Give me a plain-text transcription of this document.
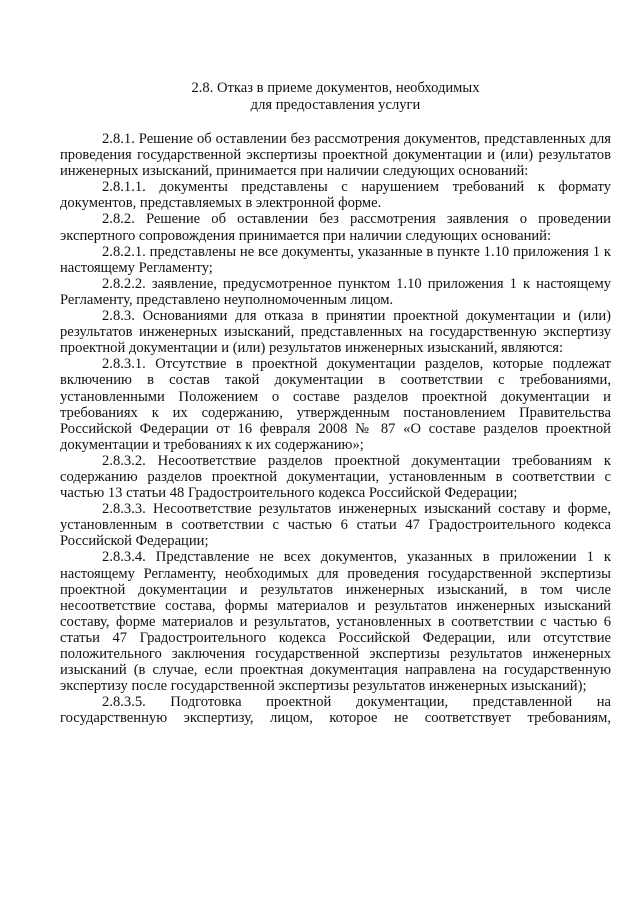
2.8. Отказ в приеме документов, необходимых
для предоставления услуги

2.8.1. Решение об оставлении без рассмотрения документов, представленных для проведения государственной экспертизы проектной документации и (или) результатов инженерных изысканий, принимается при наличии следующих оснований:

2.8.1.1. документы представлены с нарушением требований к формату документов, представляемых в электронной форме.

2.8.2. Решение об оставлении без рассмотрения заявления о проведении экспертного сопровождения принимается при наличии следующих оснований:

2.8.2.1. представлены не все документы, указанные в пункте 1.10 приложения 1 к настоящему Регламенту;

2.8.2.2. заявление, предусмотренное пунктом 1.10 приложения 1 к настоящему Регламенту, представлено неуполномоченным лицом.

2.8.3. Основаниями для отказа в принятии проектной документации и (или) результатов инженерных изысканий, представленных на государственную экспертизу проектной документации и (или) результатов инженерных изысканий, являются:

2.8.3.1. Отсутствие в проектной документации разделов, которые подлежат включению в состав такой документации в соответствии с требованиями, установленными Положением о составе разделов проектной документации и требованиях к их содержанию, утвержденным постановлением Правительства Российской Федерации от 16 февраля 2008 № 87 «О составе разделов проектной документации и требованиях к их содержанию»;

2.8.3.2. Несоответствие разделов проектной документации требованиям к содержанию разделов проектной документации, установленным в соответствии с частью 13 статьи 48 Градостроительного кодекса Российской Федерации;

2.8.3.3. Несоответствие результатов инженерных изысканий составу и форме, установленным в соответствии с частью 6 статьи 47 Градостроительного кодекса Российской Федерации;

2.8.3.4. Представление не всех документов, указанных в приложении 1 к настоящему Регламенту, необходимых для проведения государственной экспертизы проектной документации и результатов инженерных изысканий, в том числе несоответствие состава, формы материалов и результатов инженерных изысканий составу, форме материалов и результатов, установленных в соответствии с частью 6 статьи 47 Градостроительного кодекса Российской Федерации, или отсутствие положительного заключения государственной экспертизы результатов инженерных изысканий (в случае, если проектная документация направлена на государственную экспертизу после государственной экспертизы результатов инженерных изысканий);

2.8.3.5. Подготовка проектной документации, представленной на государственную экспертизу, лицом, которое не соответствует требованиям,
